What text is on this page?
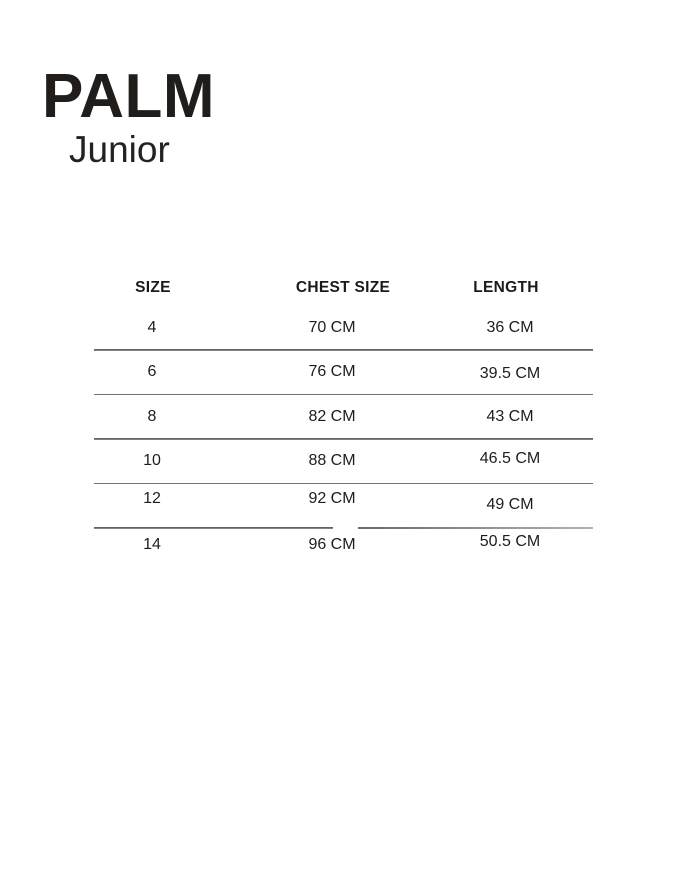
PALM
Junior
SIZE	CHEST SIZE	LENGTH
4	70 CM	36 CM
6	76 CM	39.5 CM
8	82 CM	43 CM
10	88 CM	46.5 CM
12	92 CM	49 CM
14	96 CM	50.5 CM
